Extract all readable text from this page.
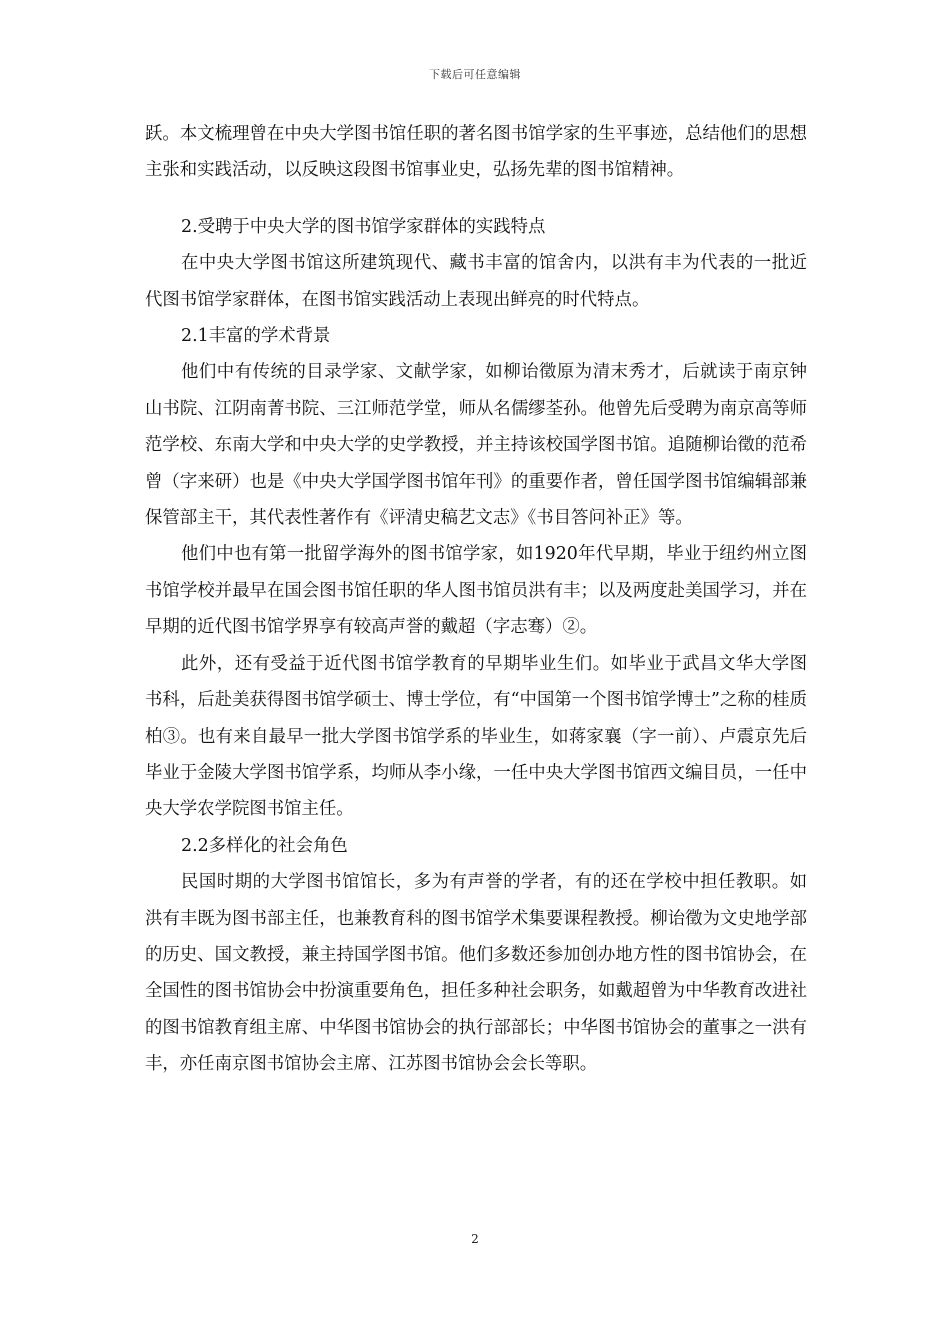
下载后可任意编辑

跃。本文梳理曾在中央大学图书馆任职的著名图书馆学家的生平事迹，总结他们的思想主张和实践活动，以反映这段图书馆事业史，弘扬先辈的图书馆精神。

2.受聘于中央大学的图书馆学家群体的实践特点

在中央大学图书馆这所建筑现代、藏书丰富的馆舍内，以洪有丰为代表的一批近代图书馆学家群体，在图书馆实践活动上表现出鲜亮的时代特点。

2.1丰富的学术背景

他们中有传统的目录学家、文献学家，如柳诒徵原为清末秀才，后就读于南京钟山书院、江阴南菁书院、三江师范学堂，师从名儒缪荃孙。他曾先后受聘为南京高等师范学校、东南大学和中央大学的史学教授，并主持该校国学图书馆。追随柳诒徵的范希曾（字来研）也是《中央大学国学图书馆年刊》的重要作者，曾任国学图书馆编辑部兼保管部主干，其代表性著作有《评清史稿艺文志》《书目答问补正》等。

他们中也有第一批留学海外的图书馆学家，如1920年代早期，毕业于纽约州立图书馆学校并最早在国会图书馆任职的华人图书馆员洪有丰；以及两度赴美国学习，并在早期的近代图书馆学界享有较高声誉的戴超（字志骞）②。

此外，还有受益于近代图书馆学教育的早期毕业生们。如毕业于武昌文华大学图书科，后赴美获得图书馆学硕士、博士学位，有“中国第一个图书馆学博士”之称的桂质柏③。也有来自最早一批大学图书馆学系的毕业生，如蒋家襄（字一前）、卢震京先后毕业于金陵大学图书馆学系，均师从李小缘，一任中央大学图书馆西文编目员，一任中央大学农学院图书馆主任。

2.2多样化的社会角色

民国时期的大学图书馆馆长，多为有声誉的学者，有的还在学校中担任教职。如洪有丰既为图书部主任，也兼教育科的图书馆学术集要课程教授。柳诒徵为文史地学部的历史、国文教授，兼主持国学图书馆。他们多数还参加创办地方性的图书馆协会，在全国性的图书馆协会中扮演重要角色，担任多种社会职务，如戴超曾为中华教育改进社的图书馆教育组主席、中华图书馆协会的执行部部长；中华图书馆协会的董事之一洪有丰，亦任南京图书馆协会主席、江苏图书馆协会会长等职。

2
